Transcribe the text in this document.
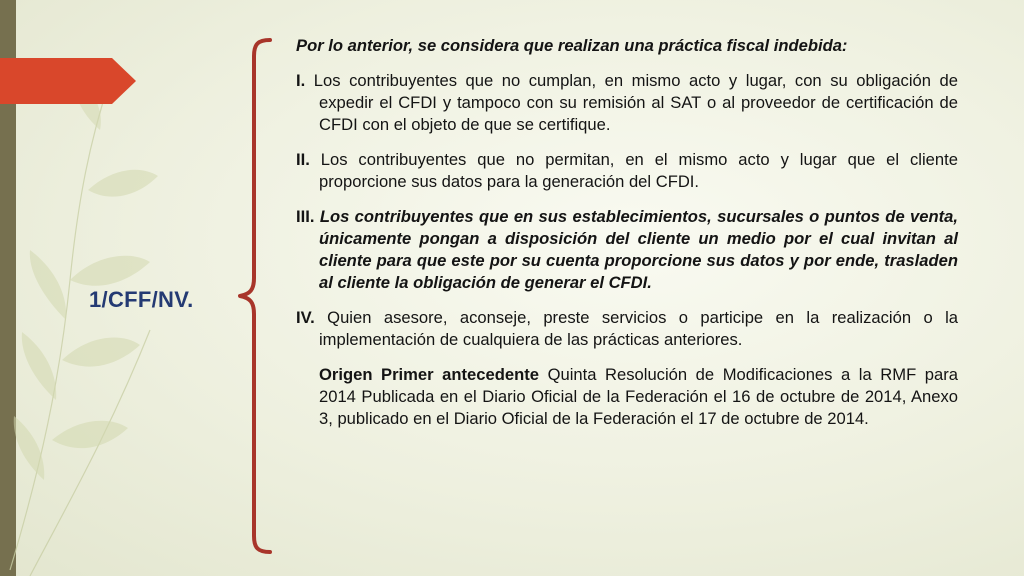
1/CFF/NV.

Por lo anterior, se considera que realizan una práctica fiscal indebida:

I. Los contribuyentes que no cumplan, en mismo acto y lugar, con su obligación de expedir el CFDI y tampoco con su remisión al SAT o al proveedor de certificación de CFDI con el objeto de que se certifique.

II. Los contribuyentes que no permitan, en el mismo acto y lugar que el cliente proporcione sus datos para la generación del CFDI.

III. Los contribuyentes que en sus establecimientos, sucursales o puntos de venta, únicamente pongan a disposición del cliente un medio por el cual invitan al cliente para que este por su cuenta proporcione sus datos y por ende, trasladen al cliente la obligación de generar el CFDI.

IV. Quien asesore, aconseje, preste servicios o participe en la realización o la implementación de cualquiera de las prácticas anteriores.

Origen Primer antecedente Quinta Resolución de Modificaciones a la RMF para 2014 Publicada en el Diario Oficial de la Federación el 16 de octubre de 2014, Anexo 3, publicado en el Diario Oficial de la Federación el 17 de octubre de 2014.
